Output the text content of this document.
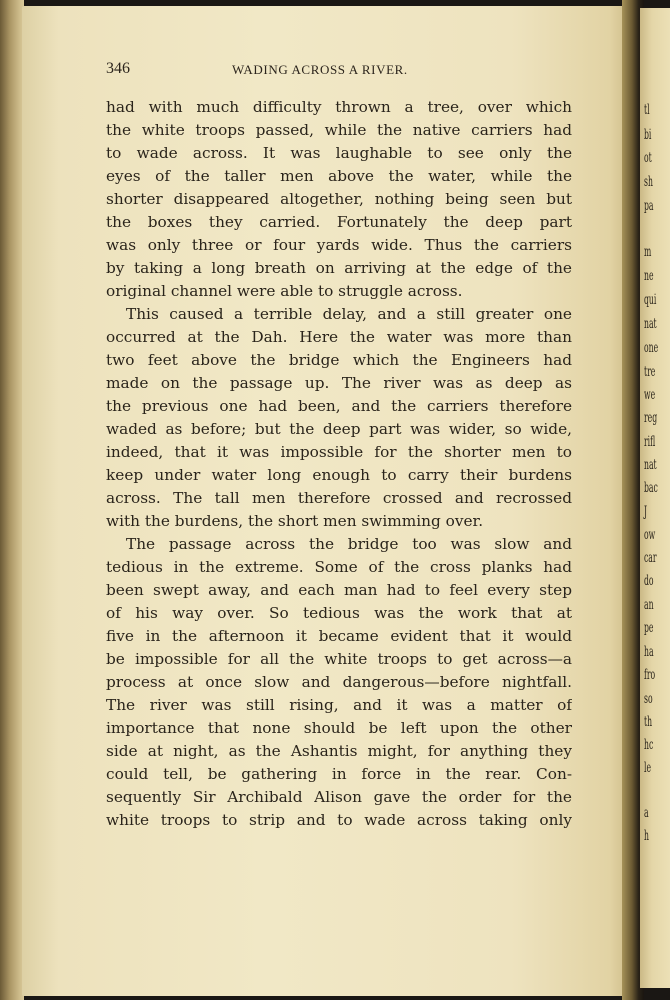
346	WADING ACROSS A RIVER.
had with much difficulty thrown a tree, over which
the white troops passed, while the native carriers had
to wade across. It was laughable to see only the
eyes of the taller men above the water, while the
shorter disappeared altogether, nothing being seen but
the boxes they carried. Fortunately the deep part
was only three or four yards wide. Thus the carriers
by taking a long breath on arriving at the edge of the
original channel were able to struggle across.
This caused a terrible delay, and a still greater one
occurred at the Dah. Here the water was more than
two feet above the bridge which the Engineers had
made on the passage up. The river was as deep as
the previous one had been, and the carriers therefore
waded as before; but the deep part was wider, so wide,
indeed, that it was impossible for the shorter men to
keep under water long enough to carry their burdens
across. The tall men therefore crossed and recrossed
with the burdens, the short men swimming over.
The passage across the bridge too was slow and
tedious in the extreme. Some of the cross planks had
been swept away, and each man had to feel every step
of his way over. So tedious was the work that at
five in the afternoon it became evident that it would
be impossible for all the white troops to get across—a
process at once slow and dangerous—before nightfall.
The river was still rising, and it was a matter of
importance that none should be left upon the other
side at night, as the Ashantis might, for anything they
could tell, be gathering in force in the rear. Con-
sequently Sir Archibald Alison gave the order for the
white troops to strip and to wade across taking only
tl
bi
ot
sh
pa
m
ne
qui
nat
one
tre
we
reg
rifl
nat
bac
J
ow
car
do
an
pe
ha
fro
so
th
hc
le
a
h
